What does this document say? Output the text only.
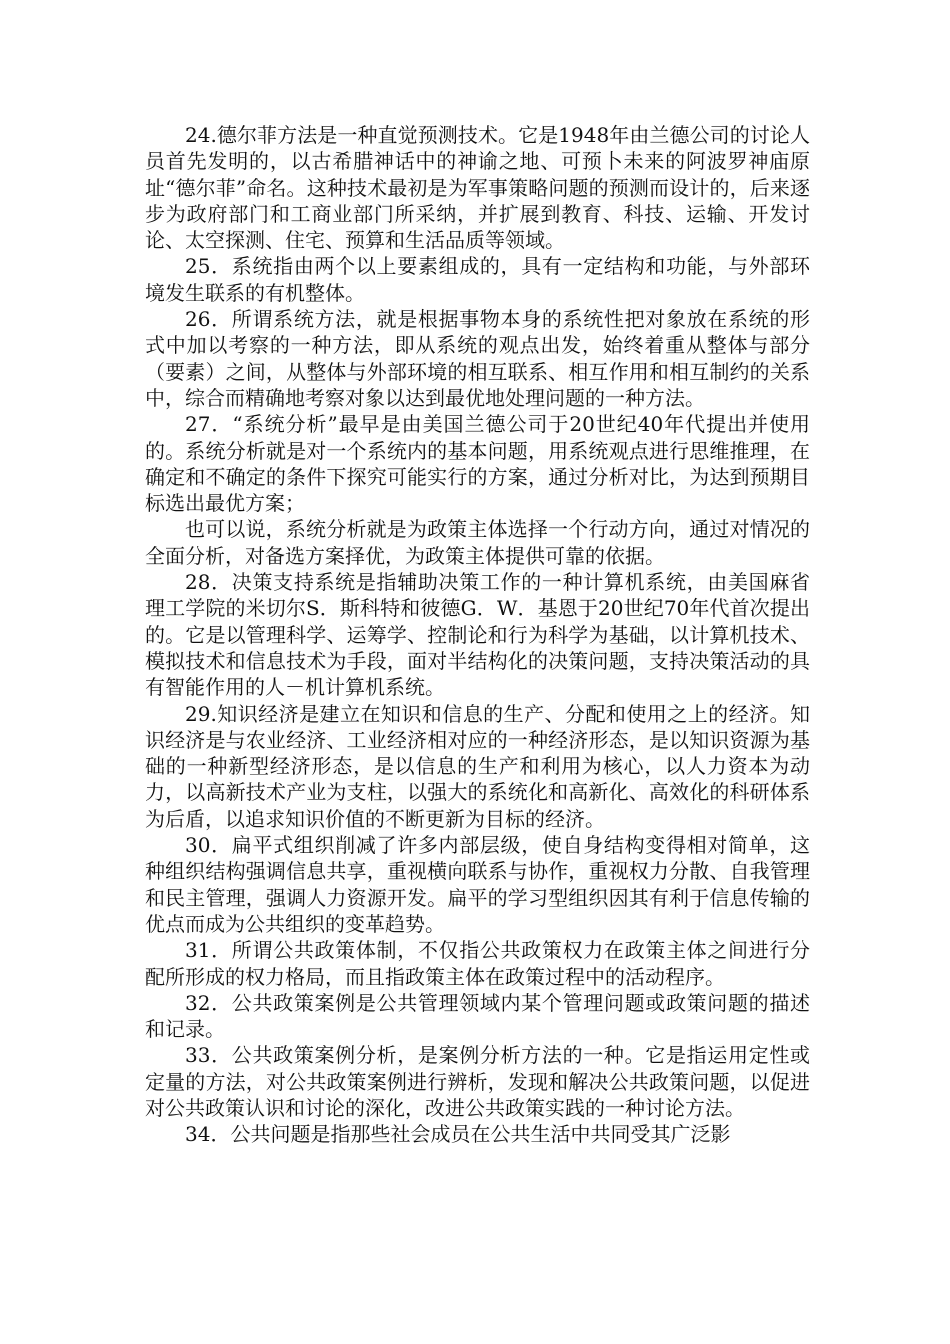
24.德尔菲方法是一种直觉预测技术。它是1948年由兰德公司的讨论人员首先发明的，以古希腊神话中的神谕之地、可预卜未来的阿波罗神庙原址“德尔菲”命名。这种技术最初是为军事策略问题的预测而设计的，后来逐步为政府部门和工商业部门所采纳，并扩展到教育、科技、运输、开发讨论、太空探测、住宅、预算和生活品质等领域。

25．系统指由两个以上要素组成的，具有一定结构和功能，与外部环境发生联系的有机整体。

26．所谓系统方法，就是根据事物本身的系统性把对象放在系统的形式中加以考察的一种方法，即从系统的观点出发，始终着重从整体与部分（要素）之间，从整体与外部环境的相互联系、相互作用和相互制约的关系中，综合而精确地考察对象以达到最优地处理问题的一种方法。

27．“系统分析”最早是由美国兰德公司于20世纪40年代提出并使用的。系统分析就是对一个系统内的基本问题，用系统观点进行思维推理，在确定和不确定的条件下探究可能实行的方案，通过分析对比，为达到预期目标选出最优方案；

也可以说，系统分析就是为政策主体选择一个行动方向，通过对情况的全面分析，对备选方案择优，为政策主体提供可靠的依据。

28．决策支持系统是指辅助决策工作的一种计算机系统，由美国麻省理工学院的米切尔S．斯科特和彼德G．W．基恩于20世纪70年代首次提出的。它是以管理科学、运筹学、控制论和行为科学为基础，以计算机技术、模拟技术和信息技术为手段，面对半结构化的决策问题，支持决策活动的具有智能作用的人－机计算机系统。

29.知识经济是建立在知识和信息的生产、分配和使用之上的经济。知识经济是与农业经济、工业经济相对应的一种经济形态，是以知识资源为基础的一种新型经济形态，是以信息的生产和利用为核心，以人力资本为动力，以高新技术产业为支柱，以强大的系统化和高新化、高效化的科研体系为后盾，以追求知识价值的不断更新为目标的经济。

30．扁平式组织削减了许多内部层级，使自身结构变得相对简单，这种组织结构强调信息共享，重视横向联系与协作，重视权力分散、自我管理和民主管理，强调人力资源开发。扁平的学习型组织因其有利于信息传输的优点而成为公共组织的变革趋势。

31．所谓公共政策体制，不仅指公共政策权力在政策主体之间进行分配所形成的权力格局，而且指政策主体在政策过程中的活动程序。

32．公共政策案例是公共管理领域内某个管理问题或政策问题的描述和记录。

33．公共政策案例分析，是案例分析方法的一种。它是指运用定性或定量的方法，对公共政策案例进行辨析，发现和解决公共政策问题，以促进对公共政策认识和讨论的深化，改进公共政策实践的一种讨论方法。

34．公共问题是指那些社会成员在公共生活中共同受其广泛影
